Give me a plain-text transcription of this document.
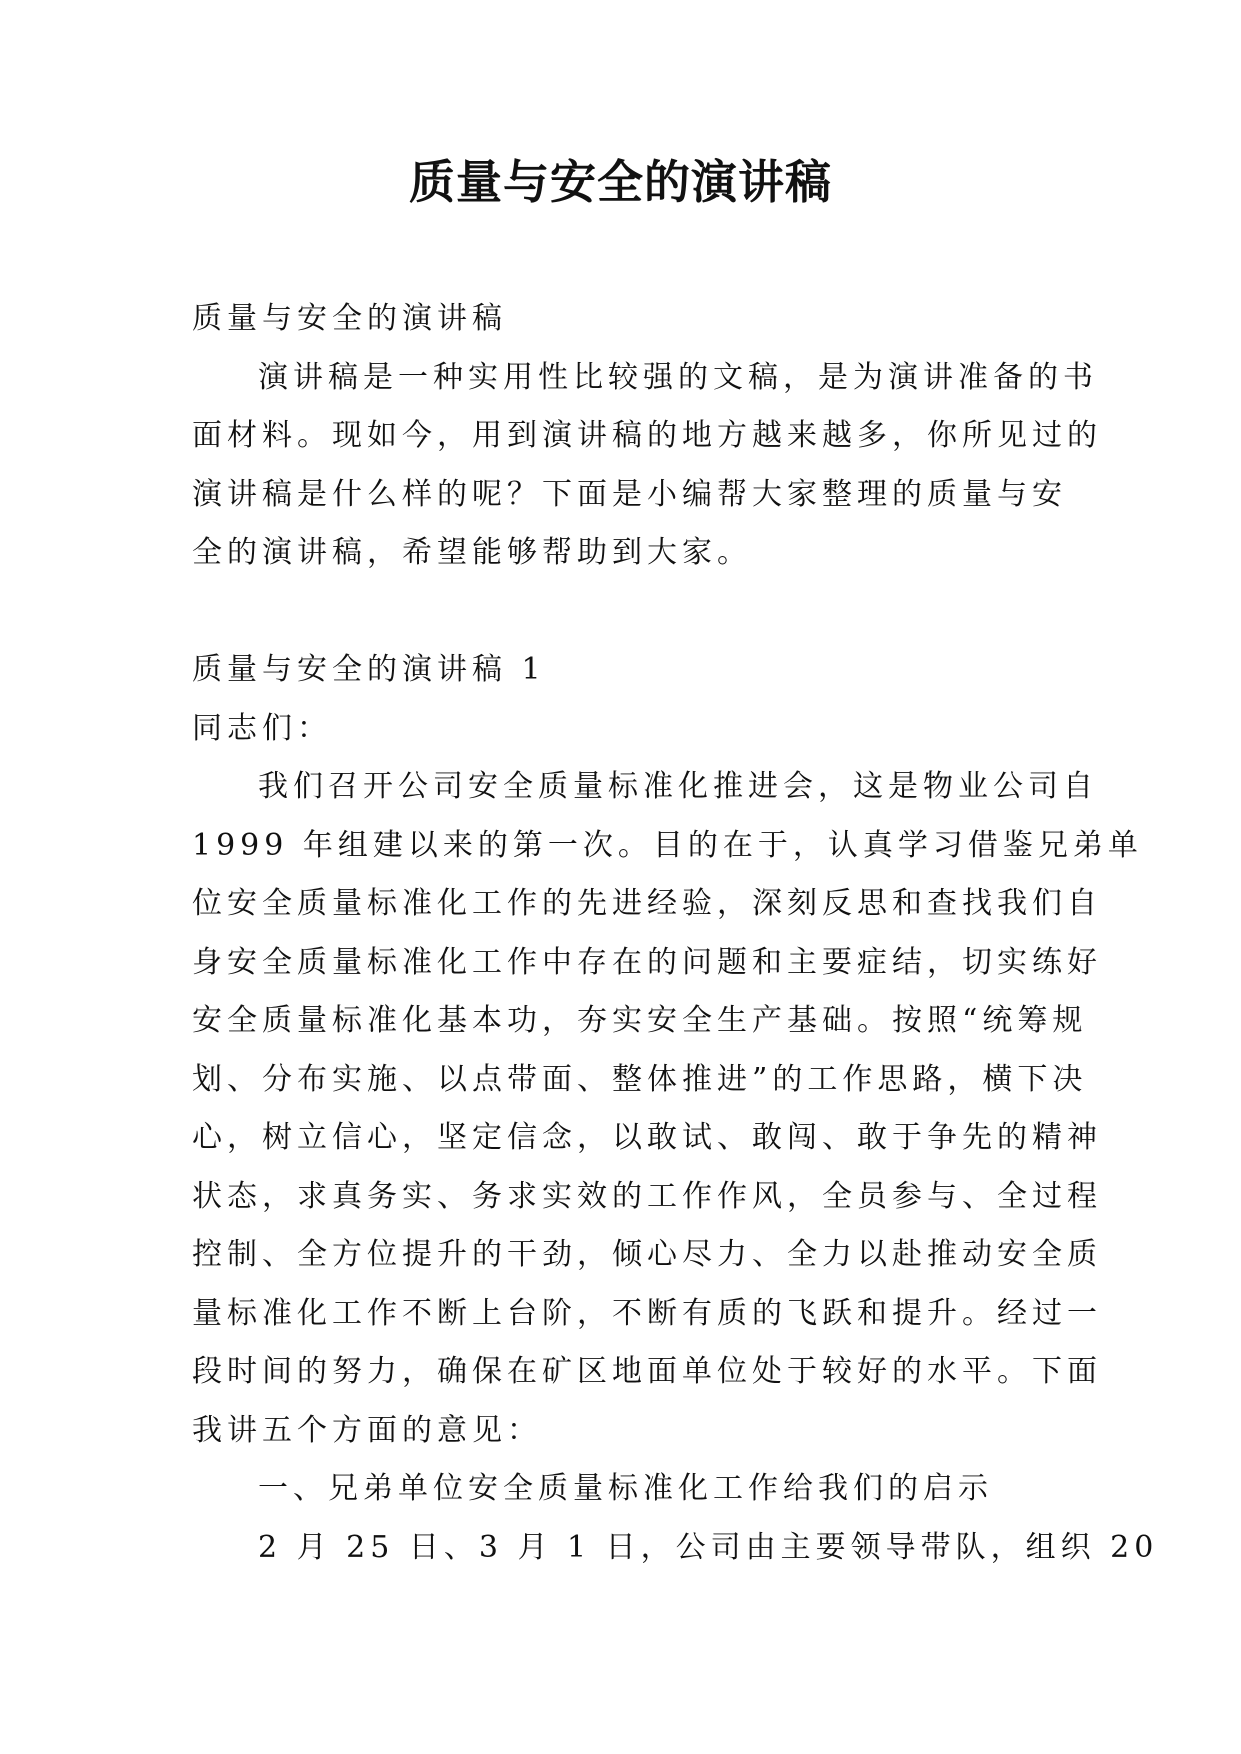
质量与安全的演讲稿
质量与安全的演讲稿
演讲稿是一种实用性比较强的文稿，是为演讲准备的书
面材料。现如今，用到演讲稿的地方越来越多，你所见过的
演讲稿是什么样的呢？下面是小编帮大家整理的质量与安
全的演讲稿，希望能够帮助到大家。
质量与安全的演讲稿 1
同志们：
我们召开公司安全质量标准化推进会，这是物业公司自
1999 年组建以来的第一次。目的在于，认真学习借鉴兄弟单
位安全质量标准化工作的先进经验，深刻反思和查找我们自
身安全质量标准化工作中存在的问题和主要症结，切实练好
安全质量标准化基本功，夯实安全生产基础。按照“统筹规
划、分布实施、以点带面、整体推进”的工作思路，横下决
心，树立信心，坚定信念，以敢试、敢闯、敢于争先的精神
状态，求真务实、务求实效的工作作风，全员参与、全过程
控制、全方位提升的干劲，倾心尽力、全力以赴推动安全质
量标准化工作不断上台阶，不断有质的飞跃和提升。经过一
段时间的努力，确保在矿区地面单位处于较好的水平。下面
我讲五个方面的意见：
一、兄弟单位安全质量标准化工作给我们的启示
2 月 25 日、3 月 1 日，公司由主要领导带队，组织 20
